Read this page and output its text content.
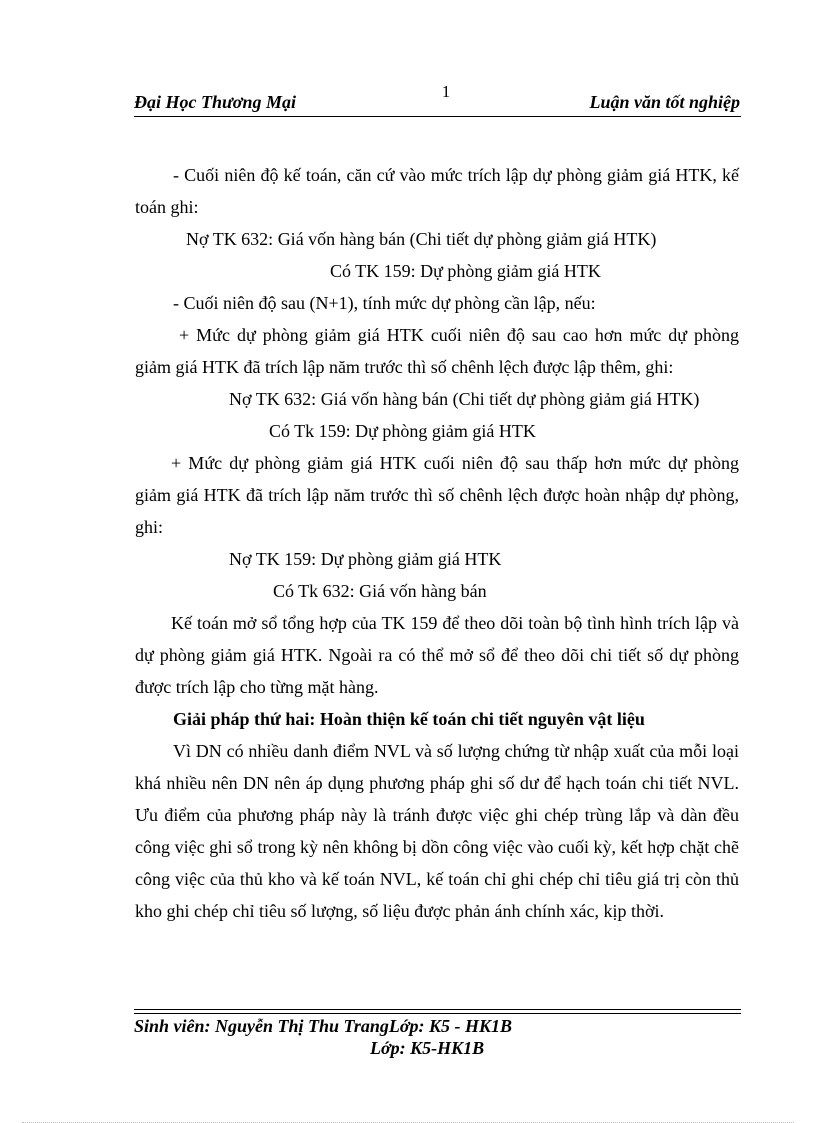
1
Đại Học Thương Mại	Luận văn tốt nghiệp

- Cuối niên độ kế toán, căn cứ vào mức trích lập dự phòng giảm giá HTK, kế toán ghi:

Nợ TK 632: Giá vốn hàng bán (Chi tiết dự phòng giảm giá HTK)

Có TK 159: Dự phòng giảm giá HTK

- Cuối niên độ sau (N+1), tính mức dự phòng cần lập, nếu:

+ Mức dự phòng giảm giá HTK cuối niên độ sau cao hơn mức dự phòng giảm giá HTK đã trích lập năm trước thì số chênh lệch được lập thêm, ghi:

Nợ TK 632: Giá vốn hàng bán (Chi tiết dự phòng giảm giá HTK)

Có Tk 159: Dự phòng giảm giá HTK

+ Mức dự phòng giảm giá HTK cuối niên độ sau thấp hơn mức dự phòng giảm giá HTK đã trích lập năm trước thì số chênh lệch được hoàn nhập dự phòng, ghi:

Nợ TK 159: Dự phòng giảm giá HTK

Có Tk 632: Giá vốn hàng bán

Kế toán mở sổ tổng hợp của TK 159 để theo dõi toàn bộ tình hình trích lập và dự phòng giảm giá HTK. Ngoài ra có thể mở sổ để theo dõi chi tiết số dự phòng được trích lập cho từng mặt hàng.

Giải pháp thứ hai: Hoàn thiện kế toán chi tiết nguyên vật liệu

Vì DN có nhiều danh điểm NVL và số lượng chứng từ nhập xuất của mỗi loại khá nhiều nên DN nên áp dụng phương pháp ghi số dư để hạch toán chi tiết NVL. Ưu điểm của phương pháp này là tránh được việc ghi chép trùng lắp và dàn đều công việc ghi sổ trong kỳ nên không bị dồn công việc vào cuối kỳ, kết hợp chặt chẽ công việc của thủ kho và kế toán NVL, kế toán chỉ ghi chép chỉ tiêu giá trị còn thủ kho ghi chép chỉ tiêu số lượng, số liệu được phản ánh chính xác, kịp thời.

Sinh viên: Nguyễn Thị Thu TrangLớp: K5 - HK1B
Lớp: K5-HK1B
